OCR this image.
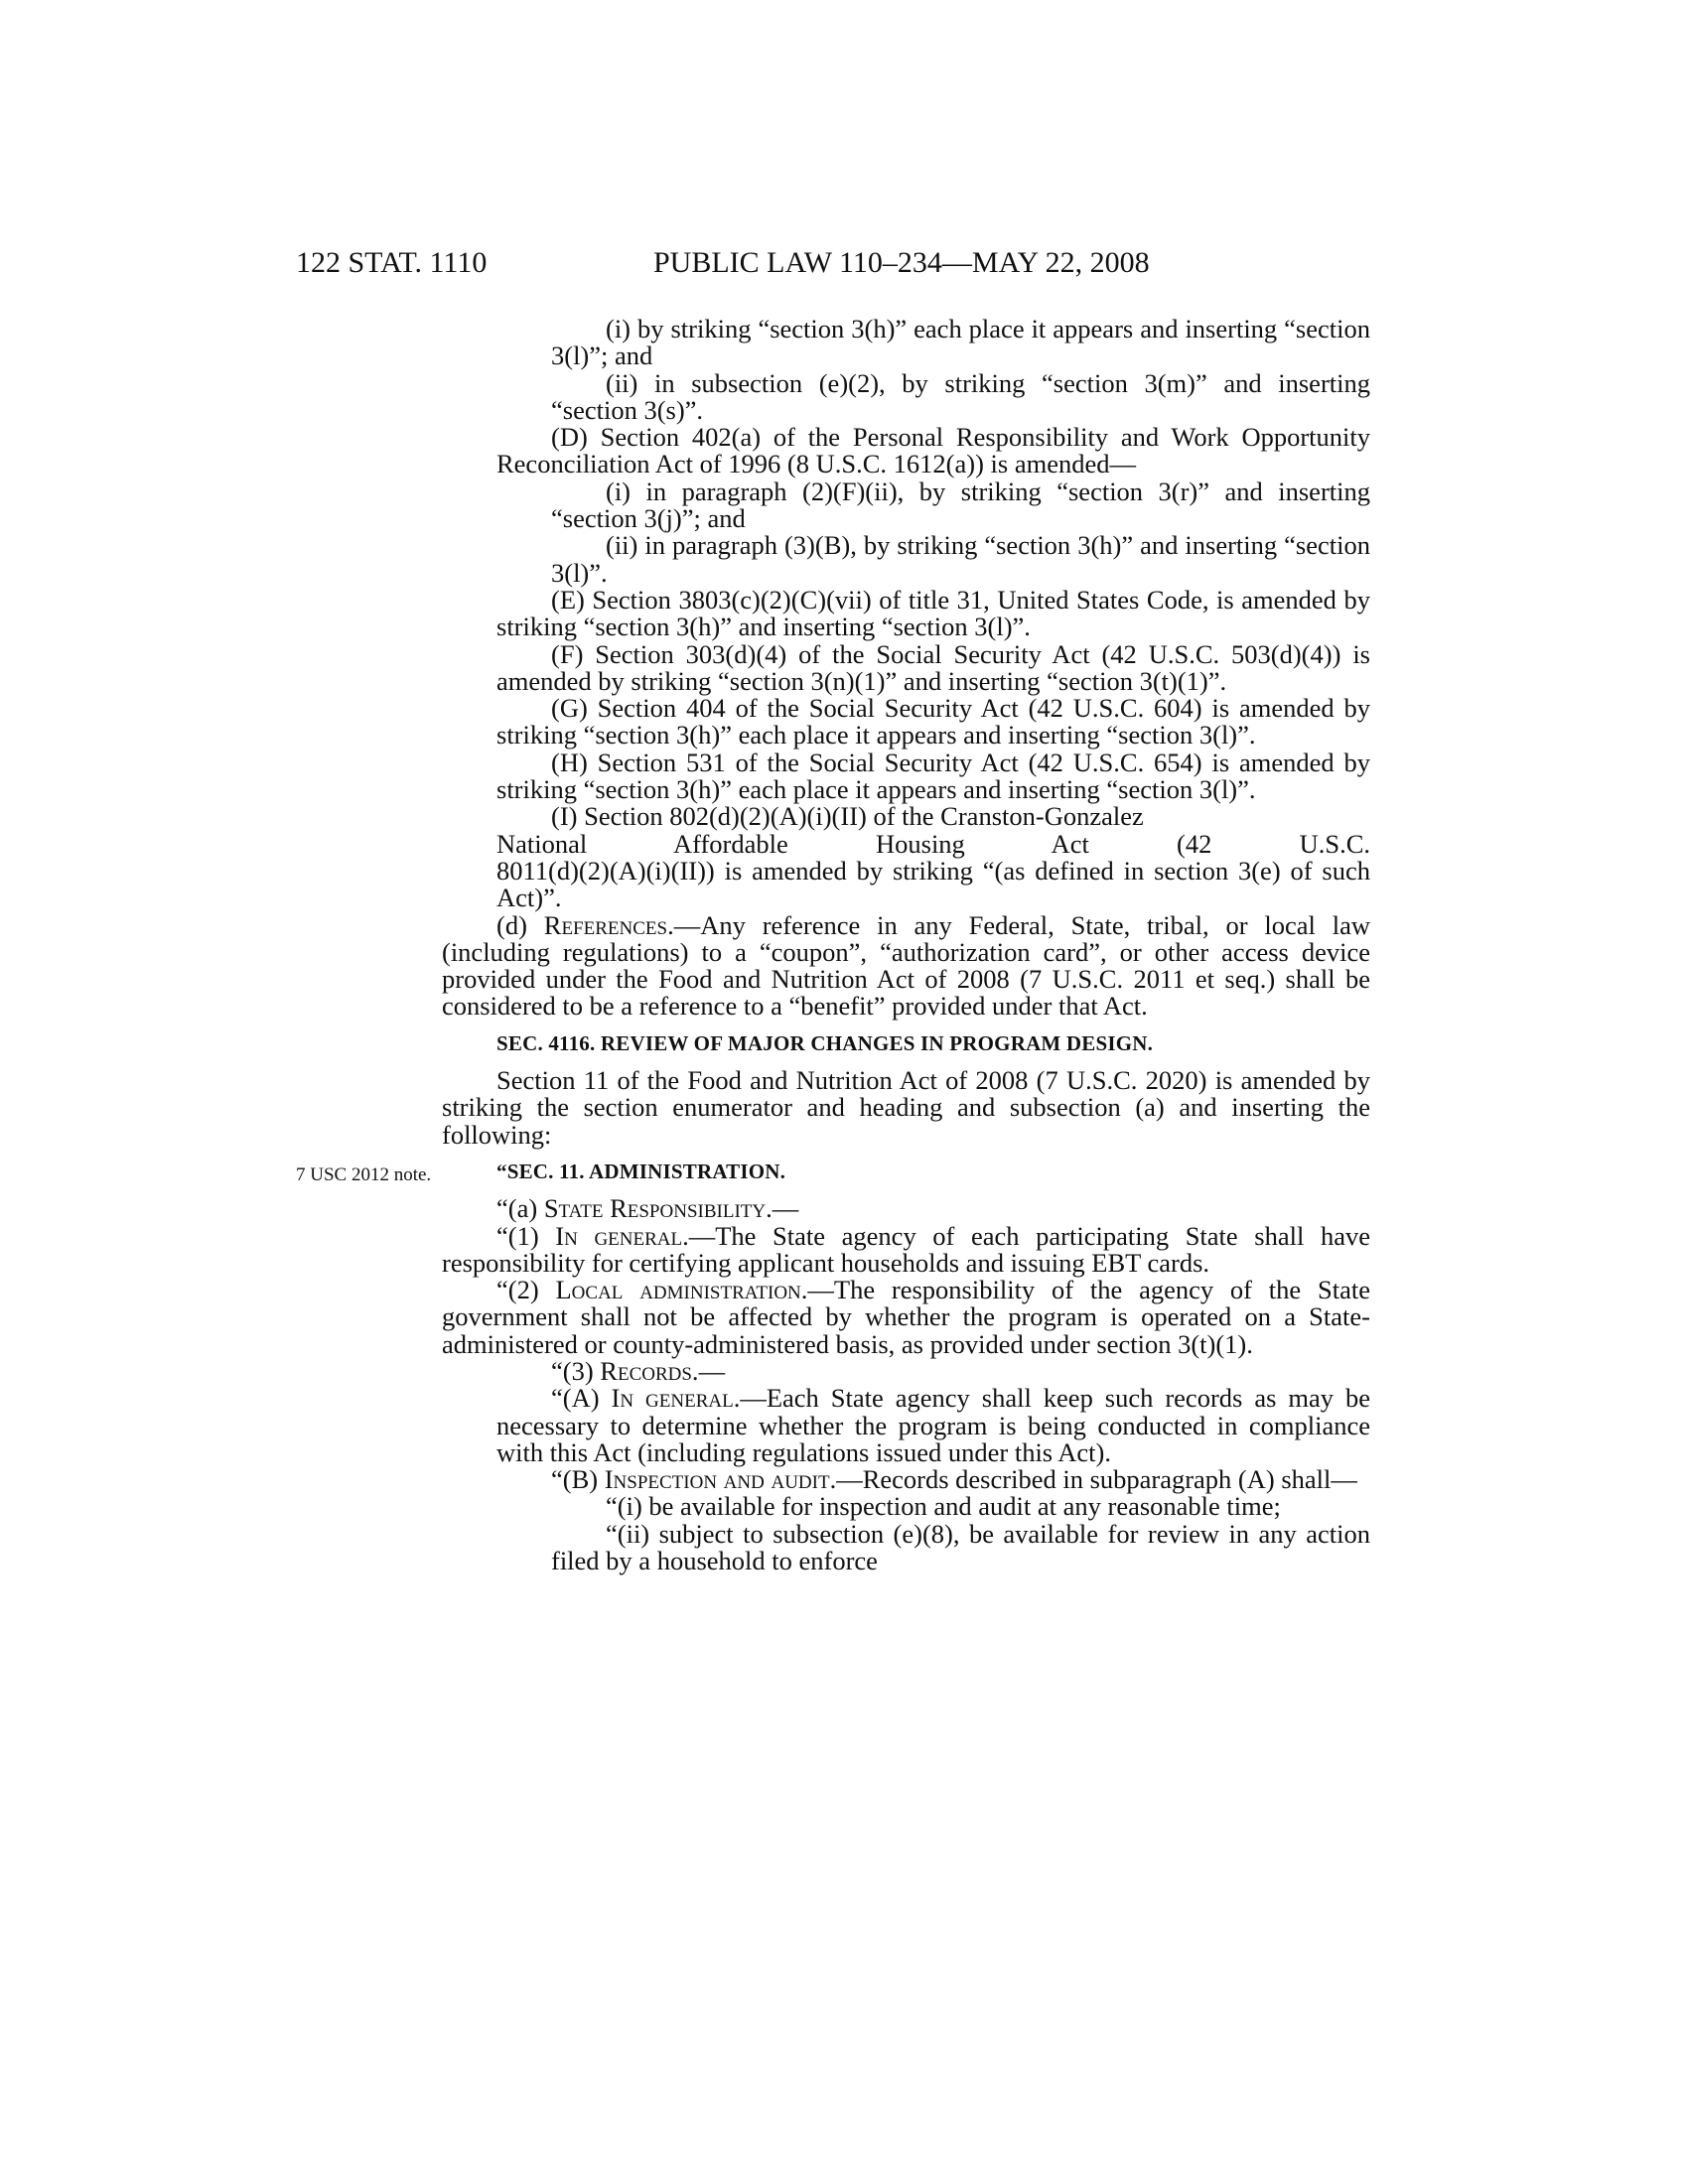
122 STAT. 1110	PUBLIC LAW 110–234—MAY 22, 2008
7 USC 2012 note.

(i) by striking “section 3(h)” each place it appears and inserting “section 3(l)”; and

(ii) in subsection (e)(2), by striking “section 3(m)” and inserting “section 3(s)”.

(D) Section 402(a) of the Personal Responsibility and Work Opportunity Reconciliation Act of 1996 (8 U.S.C. 1612(a)) is amended—

(i) in paragraph (2)(F)(ii), by striking “section 3(r)” and inserting “section 3(j)”; and

(ii) in paragraph (3)(B), by striking “section 3(h)” and inserting “section 3(l)”.

(E) Section 3803(c)(2)(C)(vii) of title 31, United States Code, is amended by striking “section 3(h)” and inserting “section 3(l)”.

(F) Section 303(d)(4) of the Social Security Act (42 U.S.C. 503(d)(4)) is amended by striking “section 3(n)(1)” and inserting “section 3(t)(1)”.

(G) Section 404 of the Social Security Act (42 U.S.C. 604) is amended by striking “section 3(h)” each place it appears and inserting “section 3(l)”.

(H) Section 531 of the Social Security Act (42 U.S.C. 654) is amended by striking “section 3(h)” each place it appears and inserting “section 3(l)”.

(I) Section 802(d)(2)(A)(i)(II) of the Cranston-Gonzalez

National Affordable Housing Act (42 U.S.C.

8011(d)(2)(A)(i)(II)) is amended by striking “(as defined in section 3(e) of such Act)”.

(d) References.—Any reference in any Federal, State, tribal, or local law (including regulations) to a “coupon”, “authorization card”, or other access device provided under the Food and Nutrition Act of 2008 (7 U.S.C. 2011 et seq.) shall be considered to be a reference to a “benefit” provided under that Act.

SEC. 4116. REVIEW OF MAJOR CHANGES IN PROGRAM DESIGN.

Section 11 of the Food and Nutrition Act of 2008 (7 U.S.C. 2020) is amended by striking the section enumerator and heading and subsection (a) and inserting the following:

“SEC. 11. ADMINISTRATION.

“(a) State Responsibility.—

“(1) In general.—The State agency of each participating State shall have responsibility for certifying applicant households and issuing EBT cards.

“(2) Local administration.—The responsibility of the agency of the State government shall not be affected by whether the program is operated on a State-administered or county-administered basis, as provided under section 3(t)(1).

“(3) Records.—

“(A) In general.—Each State agency shall keep such records as may be necessary to determine whether the program is being conducted in compliance with this Act (including regulations issued under this Act).

“(B) Inspection and audit.—Records described in subparagraph (A) shall—

“(i) be available for inspection and audit at any reasonable time;

“(ii) subject to subsection (e)(8), be available for review in any action filed by a household to enforce
